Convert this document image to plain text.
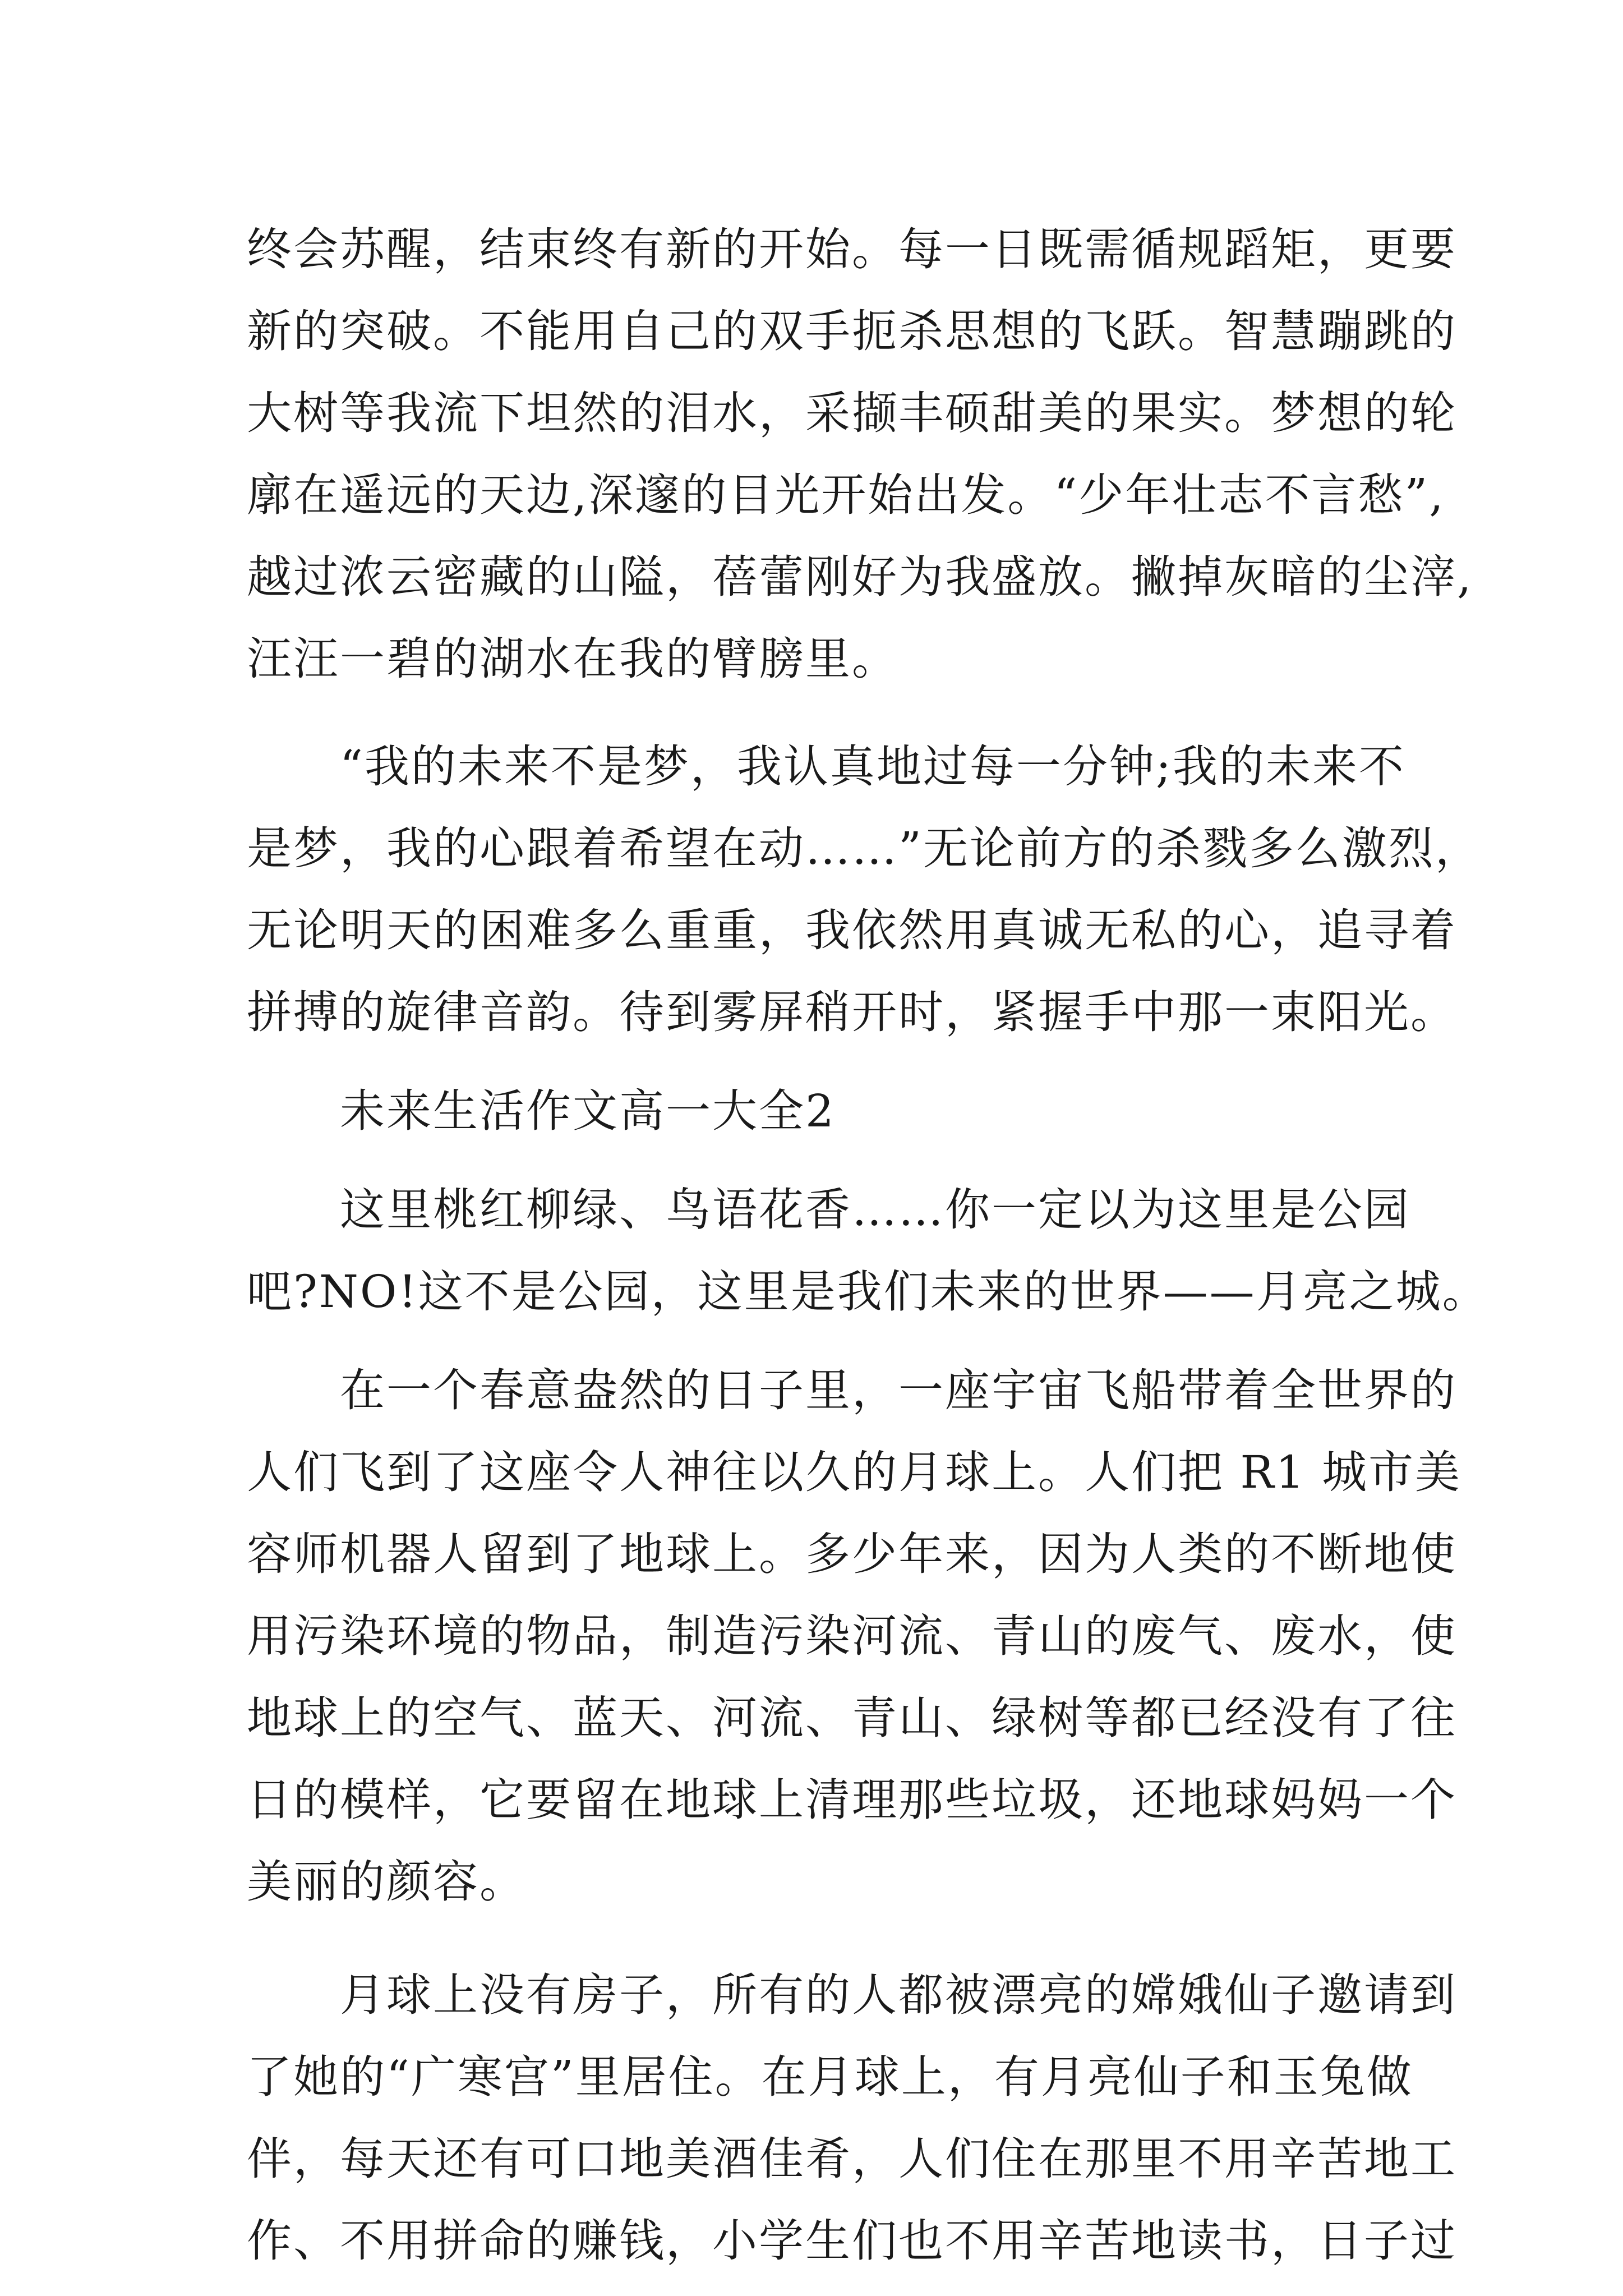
终会苏醒，结束终有新的开始。每一日既需循规蹈矩，更要
新的突破。不能用自己的双手扼杀思想的飞跃。智慧蹦跳的
大树等我流下坦然的泪水，采撷丰硕甜美的果实。梦想的轮
廓在遥远的天边,深邃的目光开始出发。“少年壮志不言愁”,
越过浓云密藏的山隘，蓓蕾刚好为我盛放。撇掉灰暗的尘滓,
汪汪一碧的湖水在我的臂膀里。
　　“我的未来不是梦，我认真地过每一分钟;我的未来不
是梦，我的心跟着希望在动……”无论前方的杀戮多么激烈，
无论明天的困难多么重重，我依然用真诚无私的心，追寻着
拼搏的旋律音韵。待到雾屏稍开时，紧握手中那一束阳光。
　　未来生活作文高一大全2
　　这里桃红柳绿、鸟语花香……你一定以为这里是公园
吧?NO!这不是公园，这里是我们未来的世界——月亮之城。
　　在一个春意盎然的日子里，一座宇宙飞船带着全世界的
人们飞到了这座令人神往以久的月球上。人们把 R1 城市美
容师机器人留到了地球上。多少年来，因为人类的不断地使
用污染环境的物品，制造污染河流、青山的废气、废水，使
地球上的空气、蓝天、河流、青山、绿树等都已经没有了往
日的模样，它要留在地球上清理那些垃圾，还地球妈妈一个
美丽的颜容。
　　月球上没有房子，所有的人都被漂亮的嫦娥仙子邀请到
了她的“广寒宫”里居住。在月球上，有月亮仙子和玉兔做
伴，每天还有可口地美酒佳肴，人们住在那里不用辛苦地工
作、不用拼命的赚钱，小学生们也不用辛苦地读书，日子过
